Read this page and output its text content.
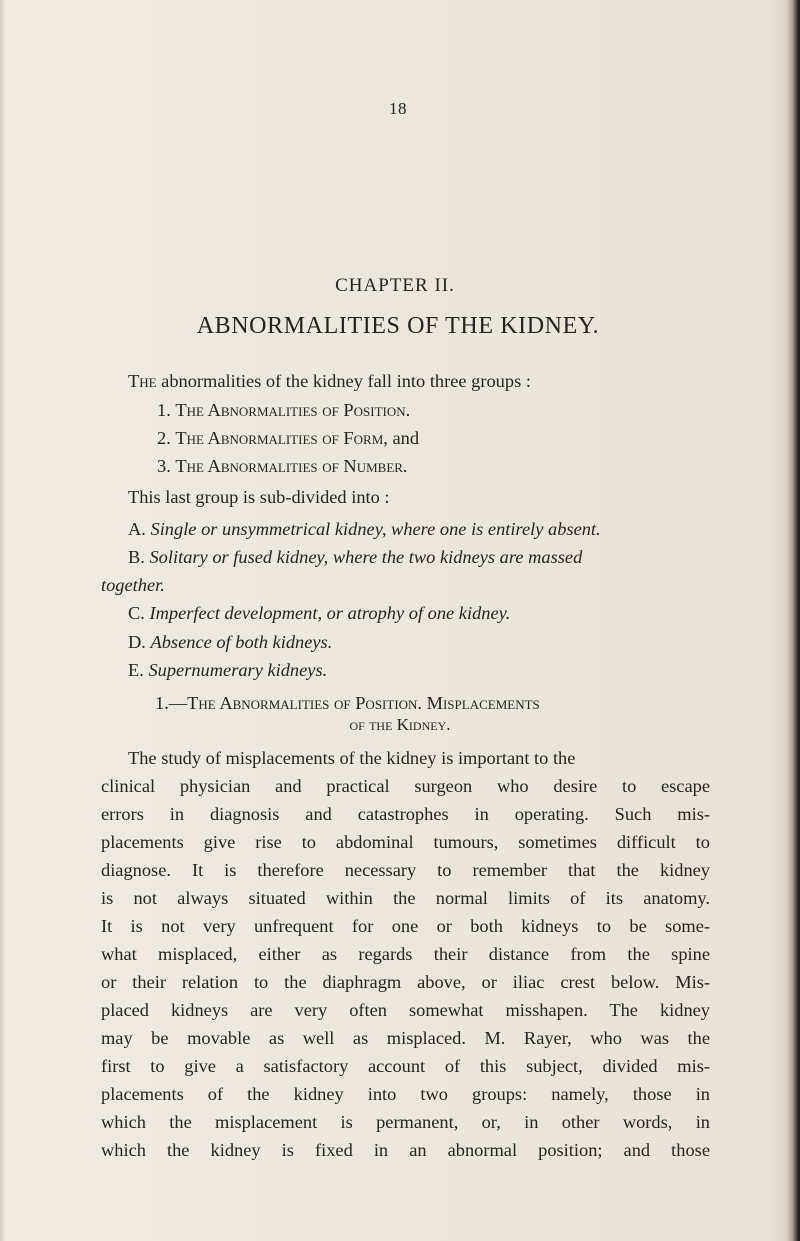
18
CHAPTER II.
ABNORMALITIES OF THE KIDNEY.
The abnormalities of the kidney fall into three groups :
1. The Abnormalities of Position.
2. The Abnormalities of Form, and
3. The Abnormalities of Number.
This last group is sub-divided into :
A. Single or unsymmetrical kidney, where one is entirely absent.
B. Solitary or fused kidney, where the two kidneys are massed
together.
C. Imperfect development, or atrophy of one kidney.
D. Absence of both kidneys.
E. Supernumerary kidneys.
1.—The Abnormalities of Position. Misplacements
of the Kidney.
The study of misplacements of the kidney is important to the
clinical physician and practical surgeon who desire to escape
errors in diagnosis and catastrophes in operating. Such mis-
placements give rise to abdominal tumours, sometimes difficult to
diagnose. It is therefore necessary to remember that the kidney
is not always situated within the normal limits of its anatomy.
It is not very unfrequent for one or both kidneys to be some-
what misplaced, either as regards their distance from the spine
or their relation to the diaphragm above, or iliac crest below. Mis-
placed kidneys are very often somewhat misshapen. The kidney
may be movable as well as misplaced. M. Rayer, who was the
first to give a satisfactory account of this subject, divided mis-
placements of the kidney into two groups: namely, those in
which the misplacement is permanent, or, in other words, in
which the kidney is fixed in an abnormal position; and those
